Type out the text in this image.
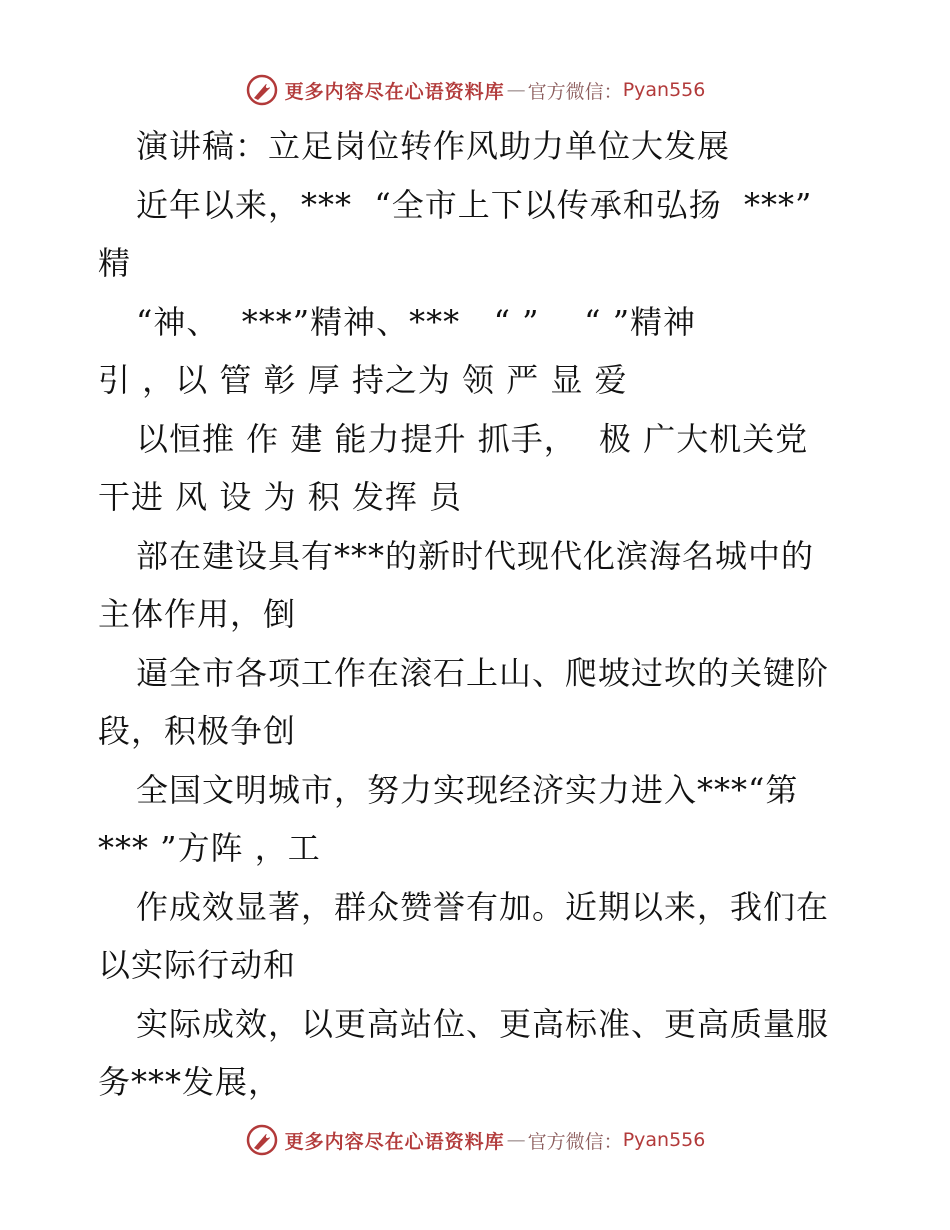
更多内容尽在心语资料库 — 官方微信： Pyan556
演讲稿：立足岗位转作风助力单位大发展
近年以来，***  “全市上下以传承和弘扬  ***”
精
“神、  ***”精神、***   “ ”    “ ”精神
引 ，以 管 彰 厚 持之为 领 严 显 爱
以恒推 作 建 能力提升 抓手，  极 广大机关党
干进 风 设 为 积 发挥 员
部在建设具有***的新时代现代化滨海名城中的
主体作用，倒
逼全市各项工作在滚石上山、爬坡过坎的关键阶
段，积极争创
全国文明城市，努力实现经济实力进入***“第
*** ”方阵 ，工
作成效显著，群众赞誉有加。近期以来，我们在
以实际行动和
实际成效，以更高站位、更高标准、更高质量服
务***发展，
更多内容尽在心语资料库 — 官方微信： Pyan556
